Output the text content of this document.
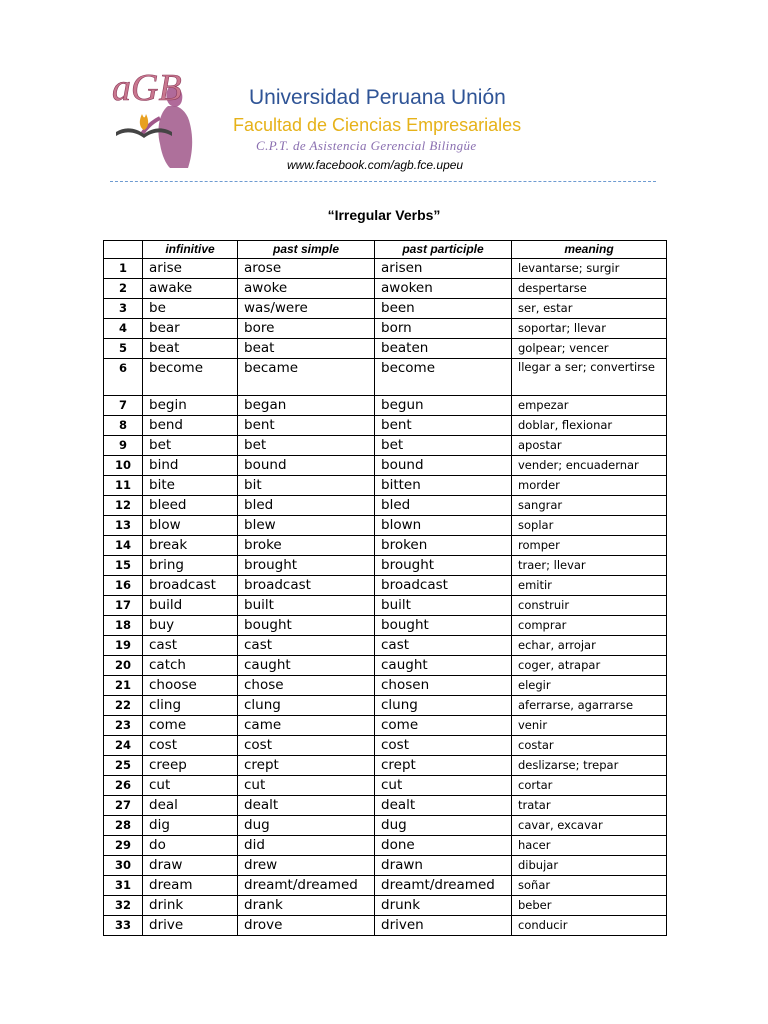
aGB	Universidad Peruana Unión
Facultad de Ciencias Empresariales
C.P.T. de Asistencia Gerencial Bilingüe
www.facebook.com/agb.fce.upeu
“Irregular Verbs”
	infinitive	past simple	past participle	meaning
1	arise	arose	arisen	levantarse; surgir
2	awake	awoke	awoken	despertarse
3	be	was/were	been	ser, estar
4	bear	bore	born	soportar; llevar
5	beat	beat	beaten	golpear; vencer
6	become	became	become	llegar a ser; convertirse
7	begin	began	begun	empezar
8	bend	bent	bent	doblar, flexionar
9	bet	bet	bet	apostar
10	bind	bound	bound	vender; encuadernar
11	bite	bit	bitten	morder
12	bleed	bled	bled	sangrar
13	blow	blew	blown	soplar
14	break	broke	broken	romper
15	bring	brought	brought	traer; llevar
16	broadcast	broadcast	broadcast	emitir
17	build	built	built	construir
18	buy	bought	bought	comprar
19	cast	cast	cast	echar, arrojar
20	catch	caught	caught	coger, atrapar
21	choose	chose	chosen	elegir
22	cling	clung	clung	aferrarse, agarrarse
23	come	came	come	venir
24	cost	cost	cost	costar
25	creep	crept	crept	deslizarse; trepar
26	cut	cut	cut	cortar
27	deal	dealt	dealt	tratar
28	dig	dug	dug	cavar, excavar
29	do	did	done	hacer
30	draw	drew	drawn	dibujar
31	dream	dreamt/dreamed	dreamt/dreamed	soñar
32	drink	drank	drunk	beber
33	drive	drove	driven	conducir
